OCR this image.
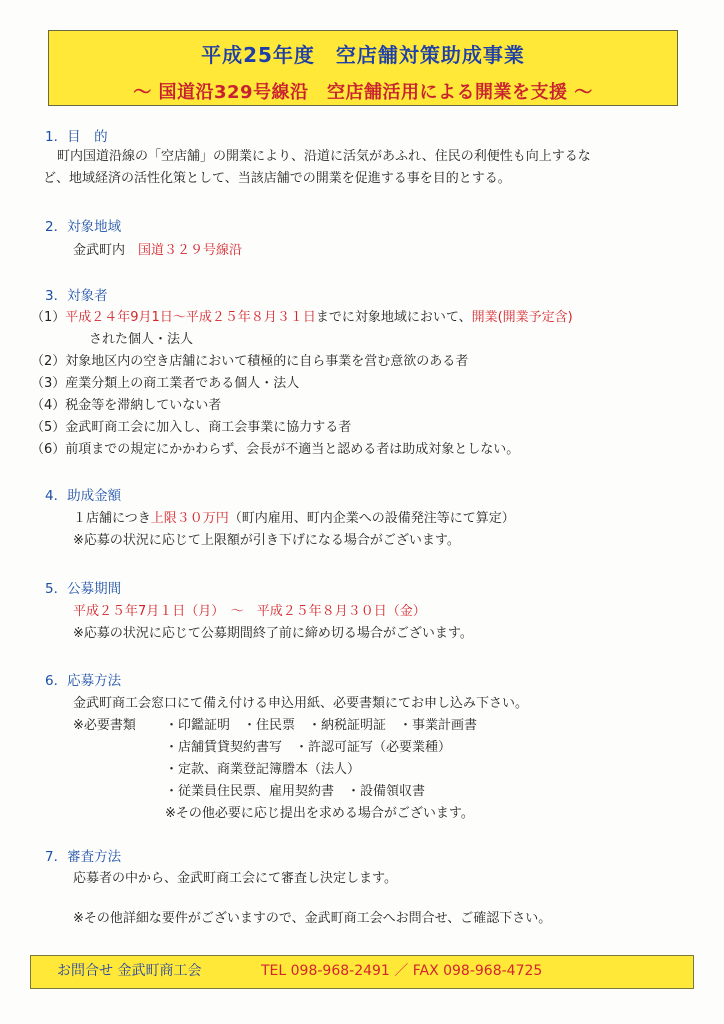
平成25年度　空店舗対策助成事業
～ 国道沿329号線沿　空店舗活用による開業を支援 ～
1．目　的
町内国道沿線の「空店舗」の開業により、沿道に活気があふれ、住民の利便性も向上するな
ど、地域経済の活性化策として、当該店舗での開業を促進する事を目的とする。
2．対象地域
金武町内　国道３２９号線沿
3．対象者
（1）平成２４年9月1日～平成２５年８月３１日までに対象地域において、開業(開業予定含)
された個人・法人
（2）対象地区内の空き店舗において積極的に自ら事業を営む意欲のある者
（3）産業分類上の商工業者である個人・法人
（4）税金等を滞納していない者
（5）金武町商工会に加入し、商工会事業に協力する者
（6）前項までの規定にかかわらず、会長が不適当と認める者は助成対象としない。
4．助成金額
１店舗につき上限３０万円（町内雇用、町内企業への設備発注等にて算定）
※応募の状況に応じて上限額が引き下げになる場合がございます。
5．公募期間
平成２５年7月１日（月）　～　平成２５年８月３０日（金）
※応募の状況に応じて公募期間終了前に締め切る場合がございます。
6．応募方法
金武町商工会窓口にて備え付ける申込用紙、必要書類にてお申し込み下さい。
※必要書類 ・印鑑証明　・住民票　・納税証明証　・事業計画書
・店舗賃貸契約書写　・許認可証写（必要業種）
・定款、商業登記簿謄本（法人）
・従業員住民票、雇用契約書　・設備領収書
※その他必要に応じ提出を求める場合がございます。
7．審査方法
応募者の中から、金武町商工会にて審査し決定します。
※その他詳細な要件がございますので、金武町商工会へお問合せ、ご確認下さい。
お問合せ 金武町商工会	TEL 098-968-2491 ／ FAX 098-968-4725
